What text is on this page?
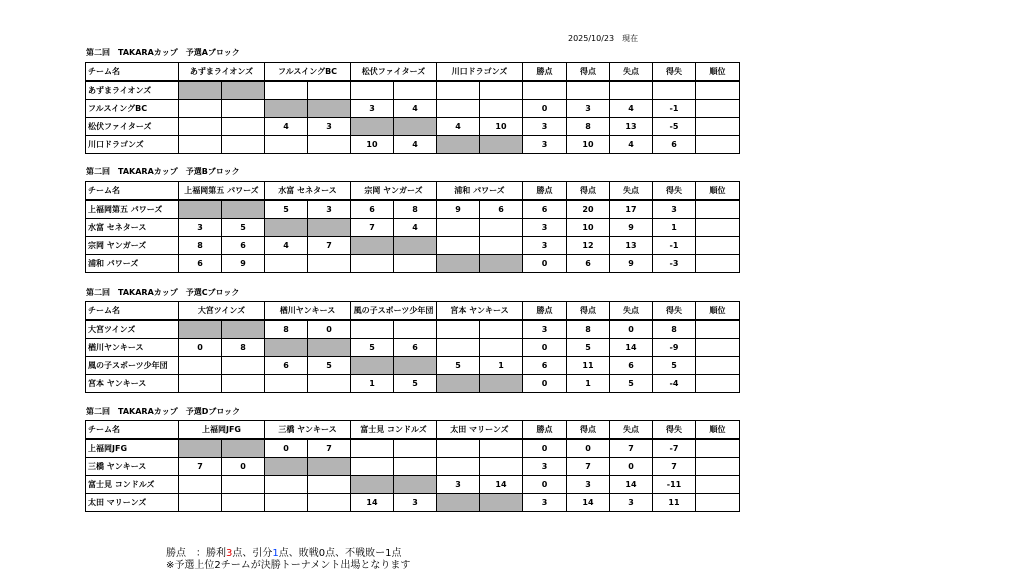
2025/10/23　現在
第二回　TAKARAカップ　予選Aブロック
チーム名	あずまライオンズ		フルスイングBC		松伏ファイターズ		川口ドラゴンズ		勝点	得点	失点	得失	順位
あずまライオンズ													
フルスイングBC					3	4			0	3	4	-1	
松伏ファイターズ			4	3			4	10	3	8	13	-5	
川口ドラゴンズ					10	4			3	10	4	6	
第二回　TAKARAカップ　予選Bブロック
チーム名	上福岡第五 パワーズ		水富 セネタース		宗岡 ヤンガーズ		浦和 パワーズ		勝点	得点	失点	得失	順位
上福岡第五 パワーズ			5	3	6	8	9	6	6	20	17	3	
水富 セネタース	3	5			7	4			3	10	9	1	
宗岡 ヤンガーズ	8	6	4	7					3	12	13	-1	
浦和 パワーズ	6	9							0	6	9	-3	
第二回　TAKARAカップ　予選Cブロック
チーム名	大宮ツインズ		楢川ヤンキース		風の子スポーツ少年団		宮本 ヤンキース		勝点	得点	失点	得失	順位
大宮ツインズ			8	0					3	8	0	8	
楢川ヤンキース	0	8			5	6			0	5	14	-9	
風の子スポーツ少年団			6	5			5	1	6	11	6	5	
宮本 ヤンキース					1	5			0	1	5	-4	
第二回　TAKARAカップ　予選Dブロック
チーム名	上福岡JFG		三橋 ヤンキース		富士見 コンドルズ		太田 マリーンズ		勝点	得点	失点	得失	順位
上福岡JFG			0	7					0	0	7	-7	
三橋 ヤンキース	7	0							3	7	0	7	
富士見 コンドルズ							3	14	0	3	14	-11	
太田 マリーンズ					14	3			3	14	3	11	
勝点　：勝利3点、引分1点、敗戦0点、不戦敗ー1点
※予選上位2チームが決勝トーナメント出場となります
